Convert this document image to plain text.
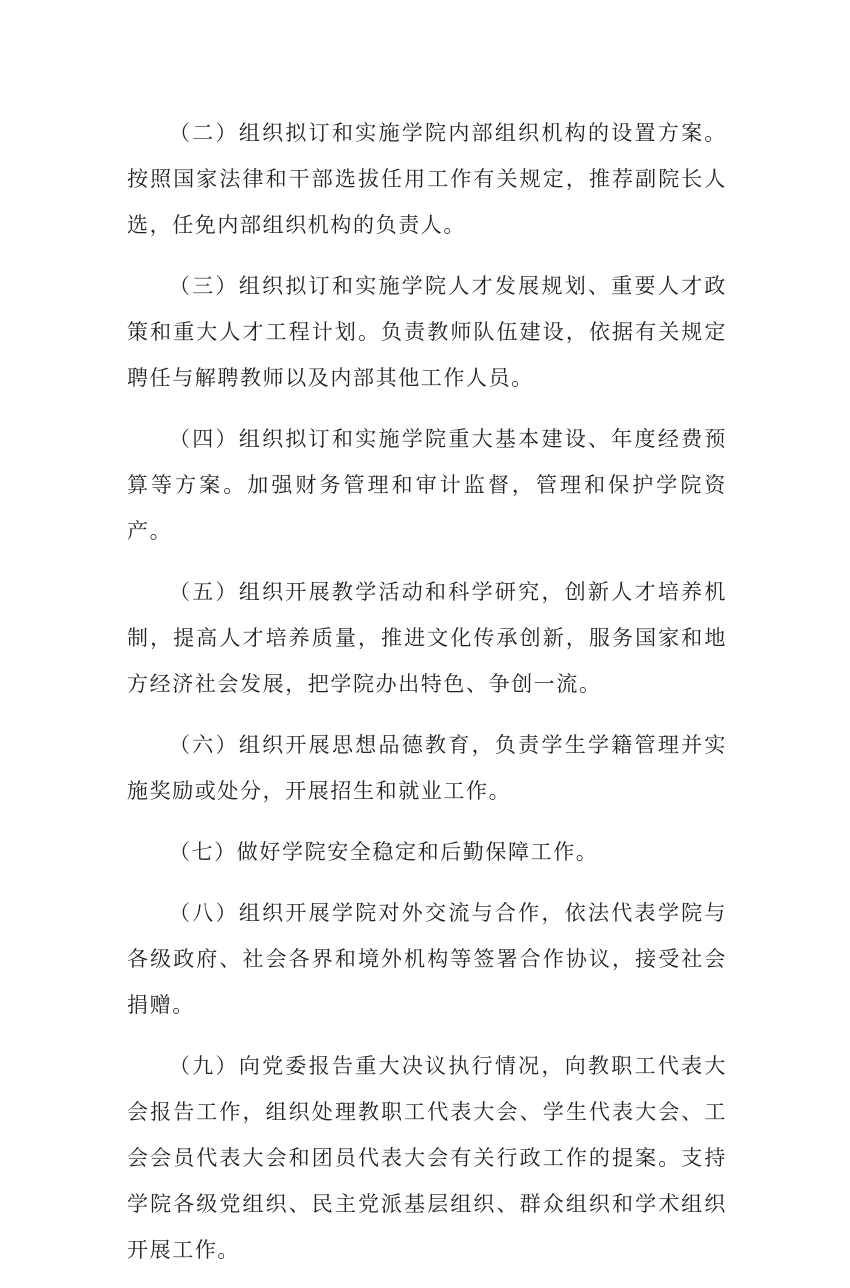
（二）组织拟订和实施学院内部组织机构的设置方案。按照国家法律和干部选拔任用工作有关规定，推荐副院长人选，任免内部组织机构的负责人。

（三）组织拟订和实施学院人才发展规划、重要人才政策和重大人才工程计划。负责教师队伍建设，依据有关规定聘任与解聘教师以及内部其他工作人员。

（四）组织拟订和实施学院重大基本建设、年度经费预算等方案。加强财务管理和审计监督，管理和保护学院资产。

（五）组织开展教学活动和科学研究，创新人才培养机制，提高人才培养质量，推进文化传承创新，服务国家和地方经济社会发展，把学院办出特色、争创一流。

（六）组织开展思想品德教育，负责学生学籍管理并实施奖励或处分，开展招生和就业工作。

（七）做好学院安全稳定和后勤保障工作。

（八）组织开展学院对外交流与合作，依法代表学院与各级政府、社会各界和境外机构等签署合作协议，接受社会捐赠。

（九）向党委报告重大决议执行情况，向教职工代表大会报告工作，组织处理教职工代表大会、学生代表大会、工会会员代表大会和团员代表大会有关行政工作的提案。支持学院各级党组织、民主党派基层组织、群众组织和学术组织开展工作。
